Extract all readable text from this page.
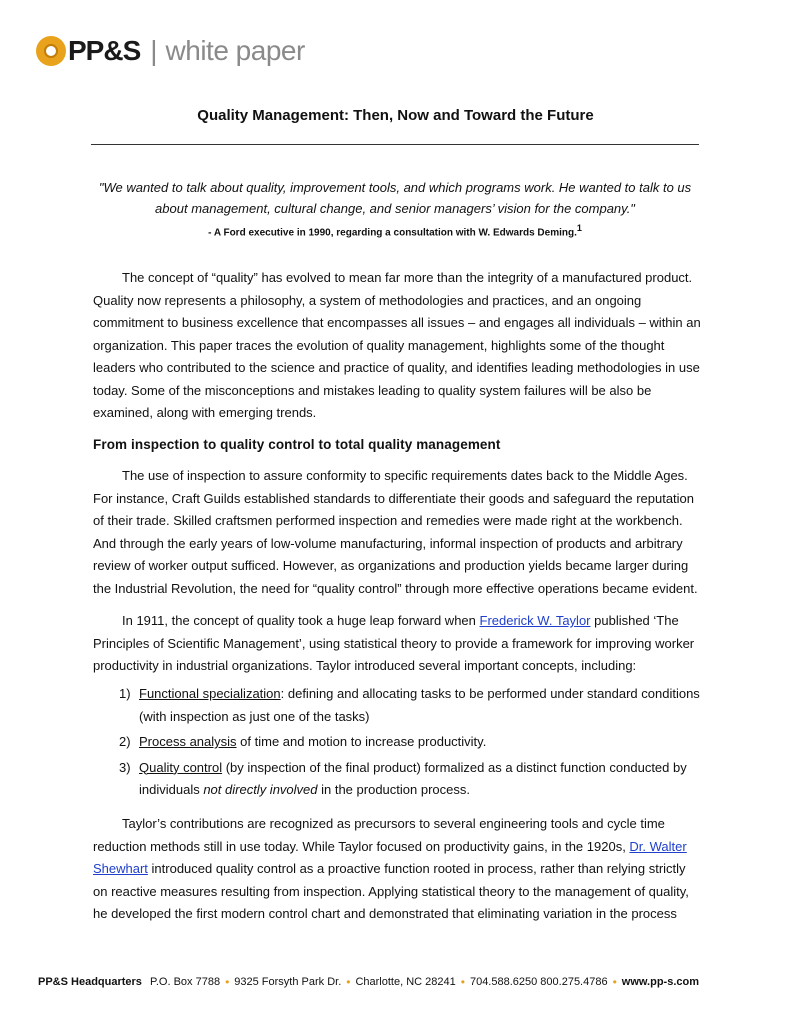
PP&S | white paper
Quality Management: Then, Now and Toward the Future

"We wanted to talk about quality, improvement tools, and which programs work. He wanted to talk to us about management, cultural change, and senior managers’ vision for the company."

- A Ford executive in 1990, regarding a consultation with W. Edwards Deming.$^1$

The concept of “quality” has evolved to mean far more than the integrity of a manufactured product. Quality now represents a philosophy, a system of methodologies and practices, and an ongoing commitment to business excellence that encompasses all issues – and engages all individuals – within an organization. This paper traces the evolution of quality management, highlights some of the thought leaders who contributed to the science and practice of quality, and identifies leading methodologies in use today. Some of the misconceptions and mistakes leading to quality system failures will be also be examined, along with emerging trends.

From inspection to quality control to total quality management

The use of inspection to assure conformity to specific requirements dates back to the Middle Ages. For instance, Craft Guilds established standards to differentiate their goods and safeguard the reputation of their trade. Skilled craftsmen performed inspection and remedies were made right at the workbench. And through the early years of low-volume manufacturing, informal inspection of products and arbitrary review of worker output sufficed. However, as organizations and production yields became larger during the Industrial Revolution, the need for “quality control” through more effective operations became evident.

In 1911, the concept of quality took a huge leap forward when Frederick W. Taylor published ‘The Principles of Scientific Management’, using statistical theory to provide a framework for improving worker productivity in industrial organizations. Taylor introduced several important concepts, including:

1) Functional specialization: defining and allocating tasks to be performed under standard conditions (with inspection as just one of the tasks)
2) Process analysis of time and motion to increase productivity.
3) Quality control (by inspection of the final product) formalized as a distinct function conducted by individuals not directly involved in the production process.

Taylor’s contributions are recognized as precursors to several engineering tools and cycle time reduction methods still in use today. While Taylor focused on productivity gains, in the 1920s, Dr. Walter Shewhart introduced quality control as a proactive function rooted in process, rather than relying strictly on reactive measures resulting from inspection. Applying statistical theory to the management of quality, he developed the first modern control chart and demonstrated that eliminating variation in the process

PP&S Headquarters P.O. Box 7788 • 9325 Forsyth Park Dr. • Charlotte, NC 28241 • 704.588.6250 800.275.4786 • www.pp-s.com
